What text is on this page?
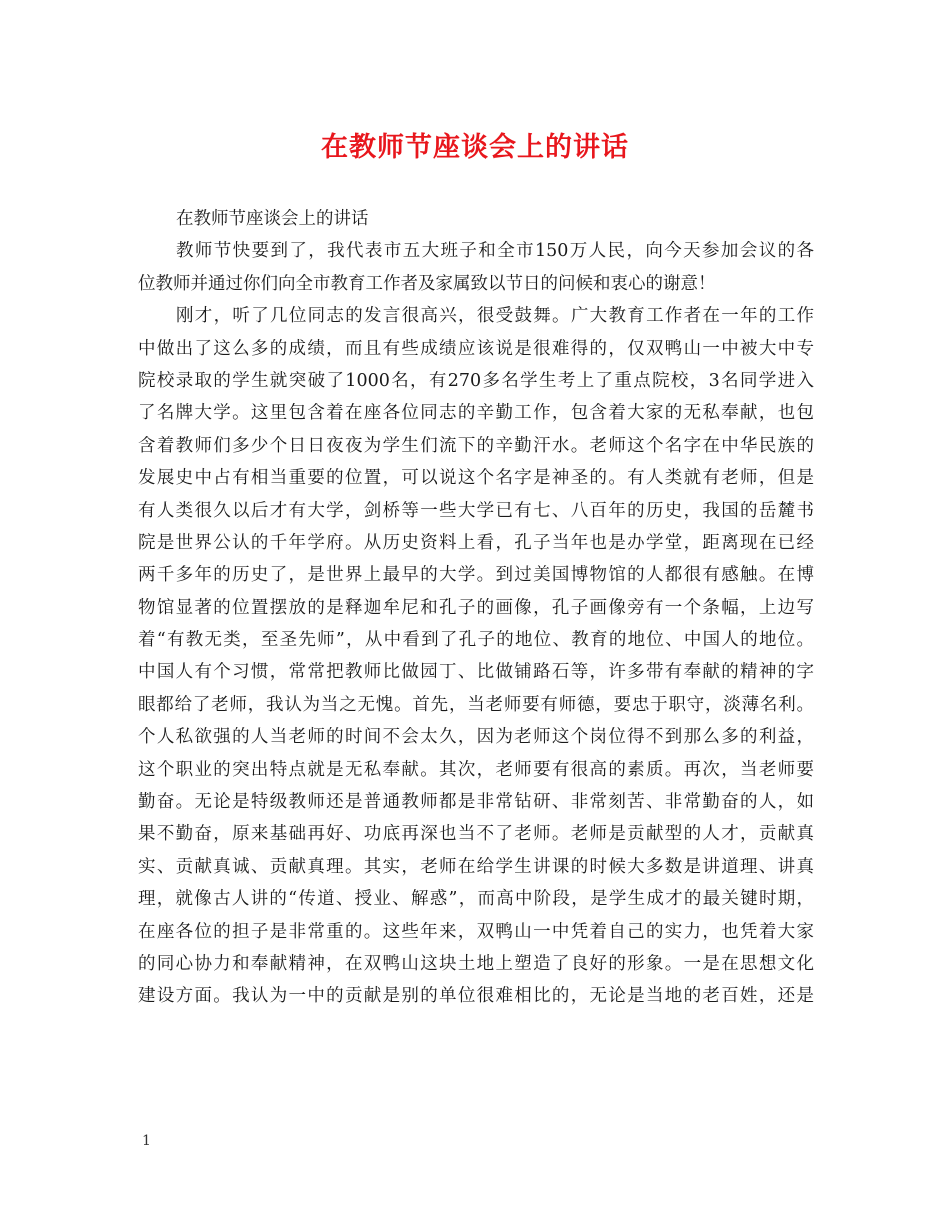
在教师节座谈会上的讲话
在教师节座谈会上的讲话
教师节快要到了，我代表市五大班子和全市150万人民，向今天参加会议的各
位教师并通过你们向全市教育工作者及家属致以节日的问候和衷心的谢意！
刚才，听了几位同志的发言很高兴，很受鼓舞。广大教育工作者在一年的工作
中做出了这么多的成绩，而且有些成绩应该说是很难得的，仅双鸭山一中被大中专
院校录取的学生就突破了1000名，有270多名学生考上了重点院校，3名同学进入
了名牌大学。这里包含着在座各位同志的辛勤工作，包含着大家的无私奉献，也包
含着教师们多少个日日夜夜为学生们流下的辛勤汗水。老师这个名字在中华民族的
发展史中占有相当重要的位置，可以说这个名字是神圣的。有人类就有老师，但是
有人类很久以后才有大学，剑桥等一些大学已有七、八百年的历史，我国的岳麓书
院是世界公认的千年学府。从历史资料上看，孔子当年也是办学堂，距离现在已经
两千多年的历史了，是世界上最早的大学。到过美国博物馆的人都很有感触。在博
物馆显著的位置摆放的是释迦牟尼和孔子的画像，孔子画像旁有一个条幅，上边写
着“有教无类，至圣先师”，从中看到了孔子的地位、教育的地位、中国人的地位。
中国人有个习惯，常常把教师比做园丁、比做铺路石等，许多带有奉献的精神的字
眼都给了老师，我认为当之无愧。首先，当老师要有师德，要忠于职守，淡薄名利。
个人私欲强的人当老师的时间不会太久，因为老师这个岗位得不到那么多的利益，
这个职业的突出特点就是无私奉献。其次，老师要有很高的素质。再次，当老师要
勤奋。无论是特级教师还是普通教师都是非常钻研、非常刻苦、非常勤奋的人，如
果不勤奋，原来基础再好、功底再深也当不了老师。老师是贡献型的人才，贡献真
实、贡献真诚、贡献真理。其实，老师在给学生讲课的时候大多数是讲道理、讲真
理，就像古人讲的“传道、授业、解惑”，而高中阶段，是学生成才的最关键时期，
在座各位的担子是非常重的。这些年来，双鸭山一中凭着自己的实力，也凭着大家
的同心协力和奉献精神，在双鸭山这块土地上塑造了良好的形象。一是在思想文化
建设方面。我认为一中的贡献是别的单位很难相比的，无论是当地的老百姓，还是
1
